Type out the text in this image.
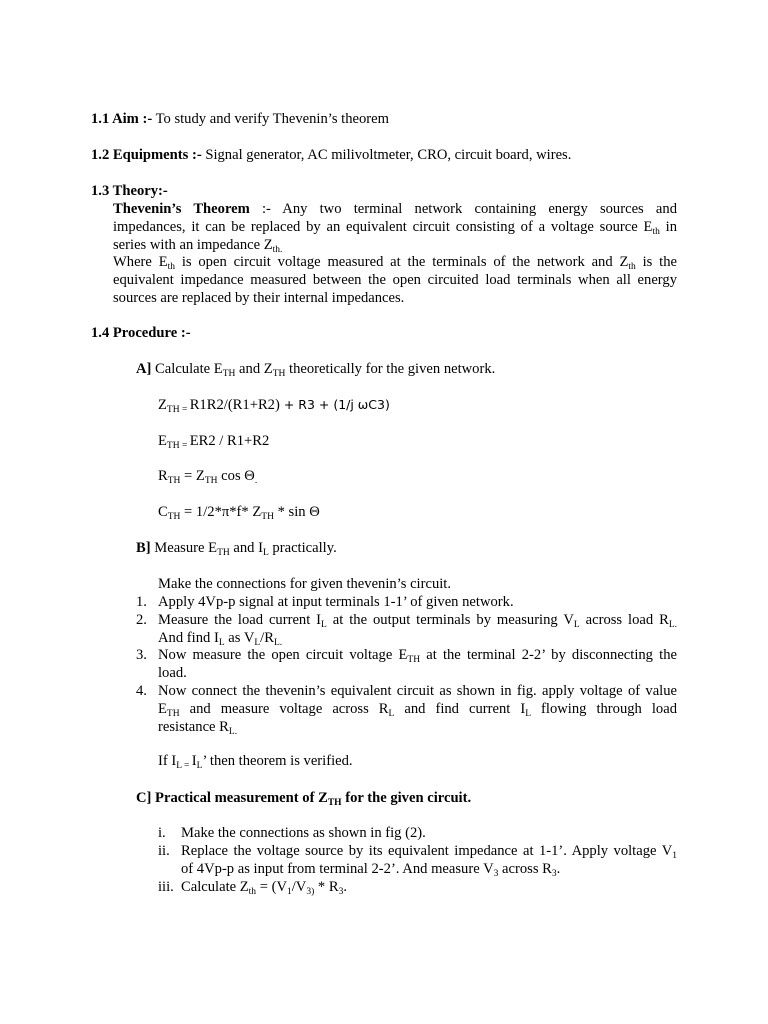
1.1 Aim :- To study and verify Thevenin’s theorem
1.2 Equipments :- Signal generator, AC milivoltmeter, CRO, circuit board, wires.
1.3 Theory:-
Thevenin’s Theorem :- Any two terminal network containing energy sources and
impedances, it can be replaced by an equivalent circuit consisting of a voltage source $E_{th}$ in
series with an impedance $Z_{th.}$
Where $E_{th}$ is open circuit voltage measured at the terminals of the network and $Z_{th}$ is the
equivalent impedance measured between the open circuited load terminals when all energy
sources are replaced by their internal impedances.
1.4 Procedure :-
A] Calculate $E_{TH}$ and $Z_{TH}$ theoretically for the given network.
$Z_{TH =}$ R1R2/(R1+R2) + R3 + (1/j ωC3)
$E_{TH =}$ ER2 / R1+R2
$R_{TH} = Z_{TH}$ $\cos \Theta_.$
$C_{TH} = 1/2*\pi*f*$ $Z_{TH}$ * sin Θ
B] Measure $E_{TH}$ and $I_L$ practically.
Make the connections for given thevenin’s circuit.
1. Apply 4Vp-p signal at input terminals 1-1’ of given network.
2. Measure the load current $I_L$ at the output terminals by measuring $V_L$ across load $R_{L.}$
And find $I_L$ as $V_L/R_{L.}$
3. Now measure the open circuit voltage $E_{TH}$ at the terminal 2-2’ by disconnecting the
load.
4. Now connect the thevenin’s equivalent circuit as shown in fig. apply voltage of value
$E_{TH}$ and measure voltage across $R_L$ and find current $I_L$ flowing through load
resistance $R_{L.}$
If $I_{L =}$ $I_L$’ then theorem is verified.
C] Practical measurement of $Z_{TH}$ for the given circuit.
i. Make the connections as shown in fig (2).
ii. Replace the voltage source by its equivalent impedance at 1-1’. Apply voltage $V_1$
of 4Vp-p as input from terminal 2-2’. And measure $V_3$ across $R_3$.
iii. Calculate $Z_{th} = (V_1/V_{3)} * R_3$.
